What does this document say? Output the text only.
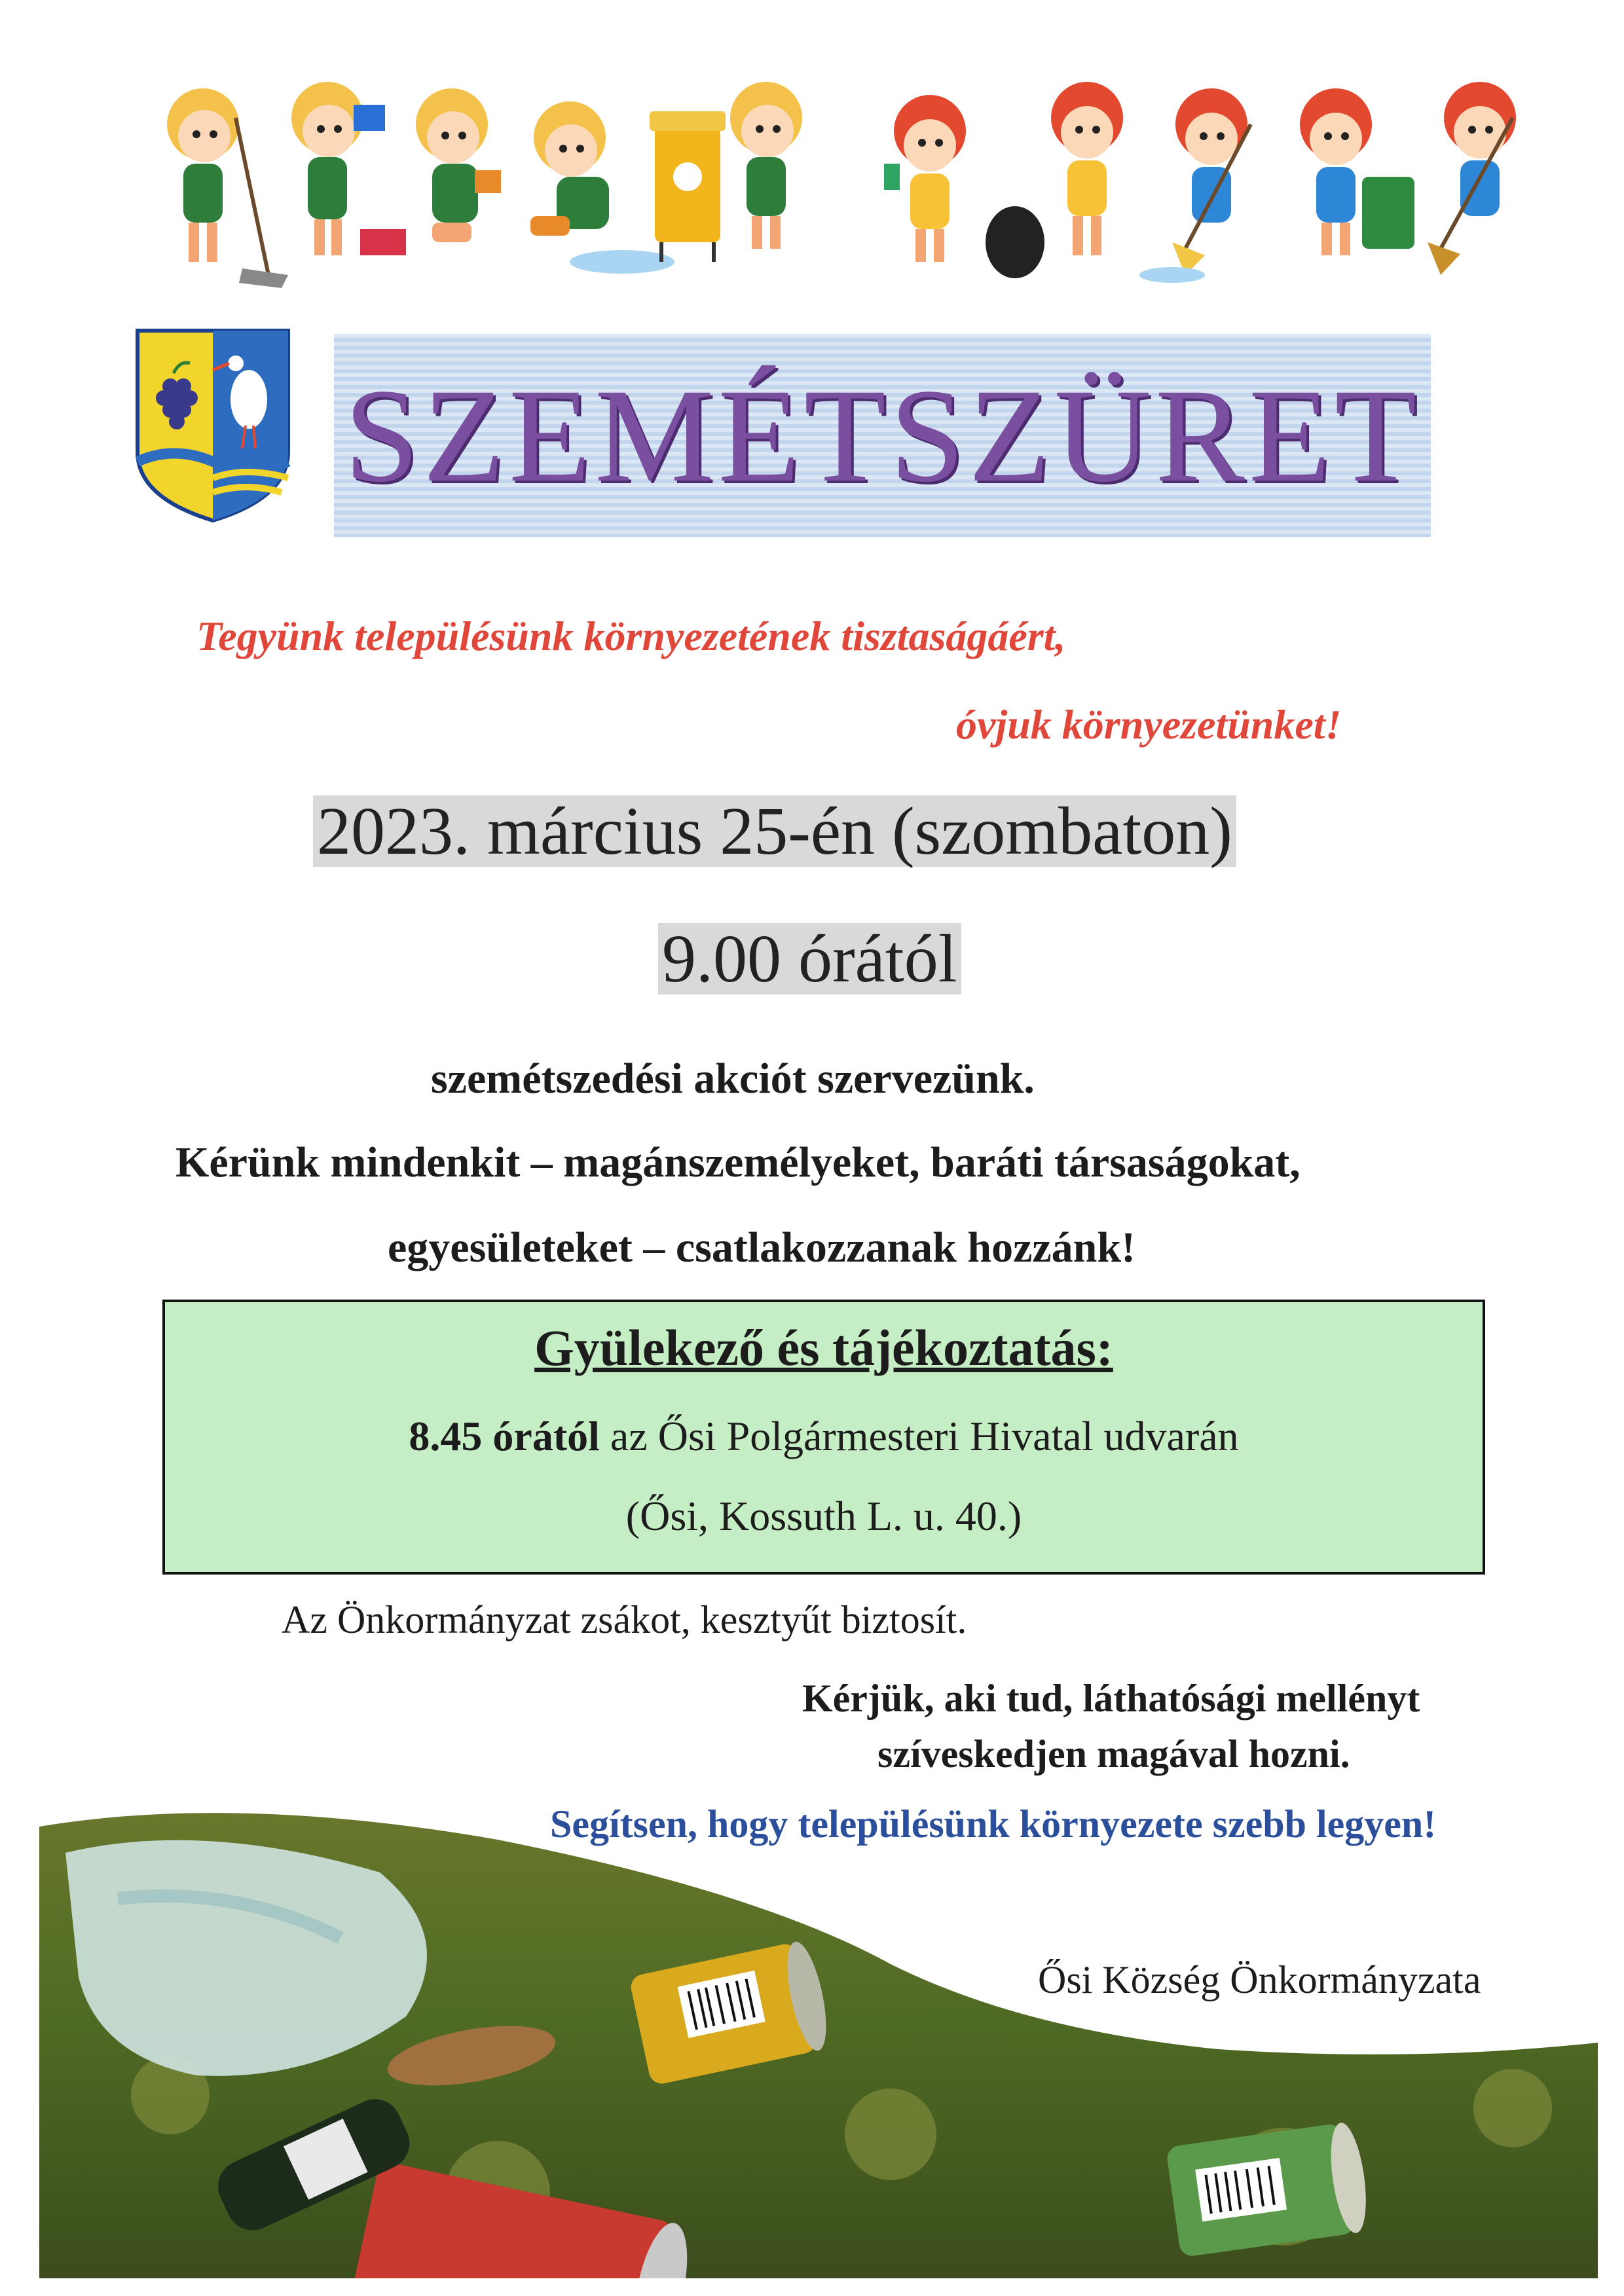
SZEMÉTSZÜRET
Tegyünk településünk környezetének tisztaságáért,
óvjuk környezetünket!
2023. március 25-én (szombaton)
9.00 órától
szemétszedési akciót szervezünk.
Kérünk mindenkit – magánszemélyeket, baráti társaságokat,
egyesületeket – csatlakozzanak hozzánk!
Gyülekező és tájékoztatás:
8.45 órától az Ősi Polgármesteri Hivatal udvarán
(Ősi, Kossuth L. u. 40.)
Az Önkormányzat zsákot, kesztyűt biztosít.
Kérjük, aki tud, láthatósági mellényt
szíveskedjen magával hozni.
Segítsen, hogy településünk környezete szebb legyen!
Ősi Község Önkormányzata
